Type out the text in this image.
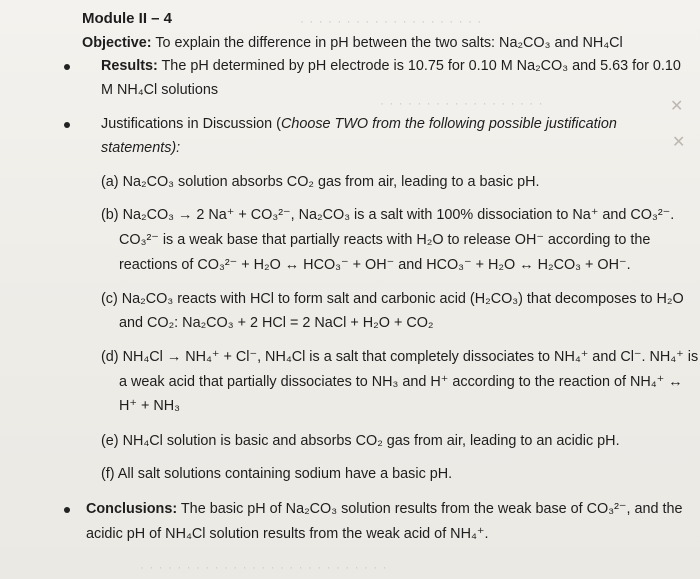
· · · · · · · · · · · · · · · · · · · ·
· · · · · · · · · · · · · · · · · ·
· · · · · · · · · · · · · · · · · · · · · · · · · · ·
✕
✕
Module II – 4
Objective: To explain the difference in pH between the two salts: Na₂CO₃ and NH₄Cl
Results: The pH determined by pH electrode is 10.75 for 0.10 M Na₂CO₃ and 5.63 for 0.10
M NH₄Cl solutions
Justifications in Discussion (Choose TWO from the following possible justification
statements):
(a) Na₂CO₃ solution absorbs CO₂ gas from air, leading to a basic pH.
(b) Na₂CO₃ → 2 Na⁺ + CO₃²⁻, Na₂CO₃ is a salt with 100% dissociation to Na⁺ and CO₃²⁻.
CO₃²⁻ is a weak base that partially reacts with H₂O to release OH⁻ according to the
reactions of CO₃²⁻ + H₂O ↔ HCO₃⁻ + OH⁻ and HCO₃⁻ + H₂O ↔ H₂CO₃ + OH⁻.
(c) Na₂CO₃ reacts with HCl to form salt and carbonic acid (H₂CO₃) that decomposes to H₂O
and CO₂: Na₂CO₃ + 2 HCl = 2 NaCl + H₂O + CO₂
(d) NH₄Cl → NH₄⁺ + Cl⁻, NH₄Cl is a salt that completely dissociates to NH₄⁺ and Cl⁻. NH₄⁺ is
a weak acid that partially dissociates to NH₃ and H⁺ according to the reaction of NH₄⁺ ↔
H⁺ + NH₃
(e) NH₄Cl solution is basic and absorbs CO₂ gas from air, leading to an acidic pH.
(f) All salt solutions containing sodium have a basic pH.
Conclusions: The basic pH of Na₂CO₃ solution results from the weak base of CO₃²⁻, and the
acidic pH of NH₄Cl solution results from the weak acid of NH₄⁺.
